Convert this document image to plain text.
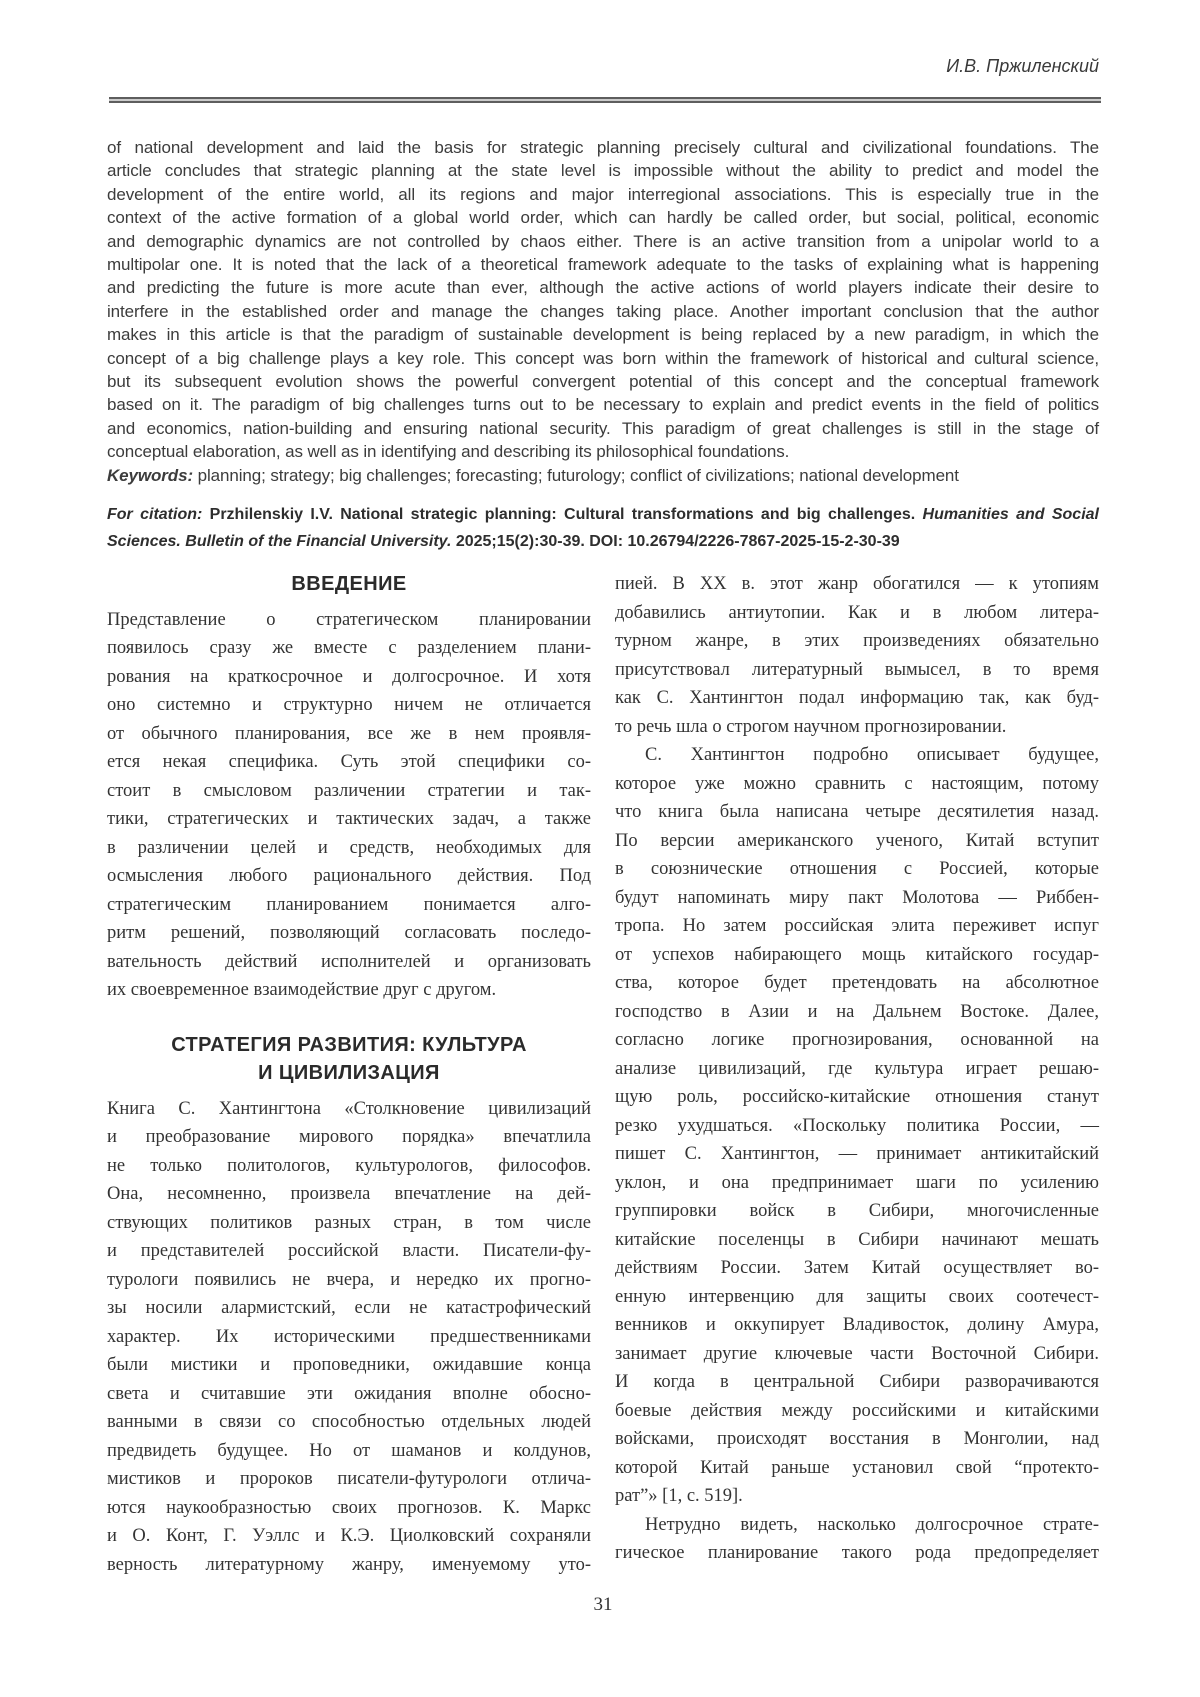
И.В. Пржиленский
of national development and laid the basis for strategic planning precisely cultural and civilizational foundations. The
article concludes that strategic planning at the state level is impossible without the ability to predict and model the
development of the entire world, all its regions and major interregional associations. This is especially true in the
context of the active formation of a global world order, which can hardly be called order, but social, political, economic
and demographic dynamics are not controlled by chaos either. There is an active transition from a unipolar world to a
multipolar one. It is noted that the lack of a theoretical framework adequate to the tasks of explaining what is happening
and predicting the future is more acute than ever, although the active actions of world players indicate their desire to
interfere in the established order and manage the changes taking place. Another important conclusion that the author
makes in this article is that the paradigm of sustainable development is being replaced by a new paradigm, in which the
concept of a big challenge plays a key role. This concept was born within the framework of historical and cultural science,
but its subsequent evolution shows the powerful convergent potential of this concept and the conceptual framework
based on it. The paradigm of big challenges turns out to be necessary to explain and predict events in the field of politics
and economics, nation-building and ensuring national security. This paradigm of great challenges is still in the stage of
conceptual elaboration, as well as in identifying and describing its philosophical foundations.
Keywords: planning; strategy; big challenges; forecasting; futurology; conflict of civilizations; national development
For citation: Przhilenskiy I.V. National strategic planning: Cultural transformations and big challenges. Humanities and Social Sciences. Bulletin of the Financial University. 2025;15(2):30-39. DOI: 10.26794/2226-7867-2025-15-2-30-39
ВВЕДЕНИЕ
Представление о стратегическом планировании
появилось сразу же вместе с разделением плани-
рования на краткосрочное и долгосрочное. И хотя
оно системно и структурно ничем не отличается
от обычного планирования, все же в нем проявля-
ется некая специфика. Суть этой специфики со-
стоит в смысловом различении стратегии и так-
тики, стратегических и тактических задач, а также
в различении целей и средств, необходимых для
осмысления любого рационального действия. Под
стратегическим планированием понимается алго-
ритм решений, позволяющий согласовать последо-
вательность действий исполнителей и организовать
их своевременное взаимодействие друг с другом.
СТРАТЕГИЯ РАЗВИТИЯ: КУЛЬТУРА
И ЦИВИЛИЗАЦИЯ
Книга С. Хантингтона «Столкновение цивилизаций
и преобразование мирового порядка» впечатлила
не только политологов, культурологов, философов.
Она, несомненно, произвела впечатление на дей-
ствующих политиков разных стран, в том числе
и представителей российской власти. Писатели-фу-
турологи появились не вчера, и нередко их прогно-
зы носили алармистский, если не катастрофический
характер. Их историческими предшественниками
были мистики и проповедники, ожидавшие конца
света и считавшие эти ожидания вполне обосно-
ванными в связи со способностью отдельных людей
предвидеть будущее. Но от шаманов и колдунов,
мистиков и пророков писатели-футурологи отлича-
ются наукообразностью своих прогнозов. К. Маркс
и О. Конт, Г. Уэллс и К.Э. Циолковский сохраняли
верность литературному жанру, именуемому уто-
пией. В XX в. этот жанр обогатился — к утопиям
добавились антиутопии. Как и в любом литера-
турном жанре, в этих произведениях обязательно
присутствовал литературный вымысел, в то время
как С. Хантингтон подал информацию так, как буд-
то речь шла о строгом научном прогнозировании.
С. Хантингтон подробно описывает будущее,
которое уже можно сравнить с настоящим, потому
что книга была написана четыре десятилетия назад.
По версии американского ученого, Китай вступит
в союзнические отношения с Россией, которые
будут напоминать миру пакт Молотова — Риббен-
тропа. Но затем российская элита переживет испуг
от успехов набирающего мощь китайского государ-
ства, которое будет претендовать на абсолютное
господство в Азии и на Дальнем Востоке. Далее,
согласно логике прогнозирования, основанной на
анализе цивилизаций, где культура играет решаю-
щую роль, российско-китайские отношения станут
резко ухудшаться. «Поскольку политика России, —
пишет С. Хантингтон, — принимает антикитайский
уклон, и она предпринимает шаги по усилению
группировки войск в Сибири, многочисленные
китайские поселенцы в Сибири начинают мешать
действиям России. Затем Китай осуществляет во-
енную интервенцию для защиты своих соотечест-
венников и оккупирует Владивосток, долину Амура,
занимает другие ключевые части Восточной Сибири.
И когда в центральной Сибири разворачиваются
боевые действия между российскими и китайскими
войсками, происходят восстания в Монголии, над
которой Китай раньше установил свой “протекто-
рат”» [1, с. 519].
Нетрудно видеть, насколько долгосрочное страте-
гическое планирование такого рода предопределяет
31
